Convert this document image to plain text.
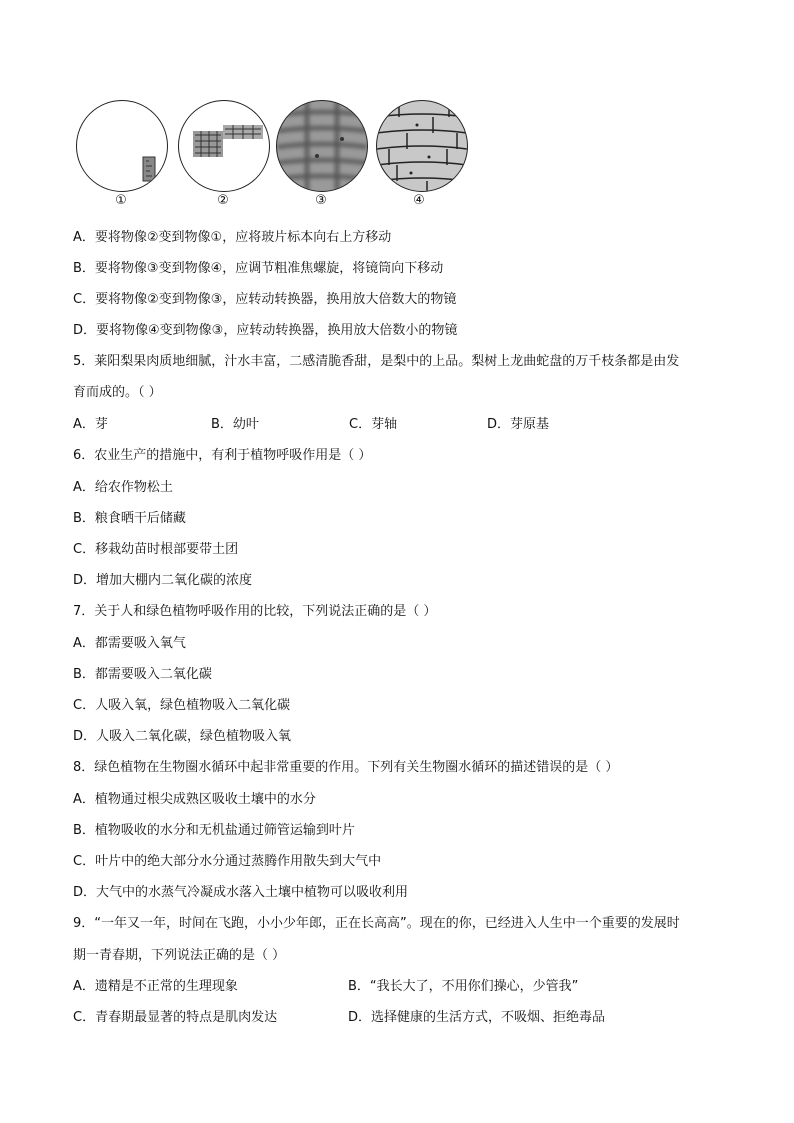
①	②	③	④
A．要将物像②变到物像①，应将玻片标本向右上方移动
B．要将物像③变到物像④，应调节粗准焦螺旋，将镜筒向下移动
C．要将物像②变到物像③，应转动转换器，换用放大倍数大的物镜
D．要将物像④变到物像③，应转动转换器，换用放大倍数小的物镜
5．莱阳梨果肉质地细腻，汁水丰富，二感清脆香甜，是梨中的上品。梨树上龙曲蛇盘的万千枝条都是由发
育而成的。（ ）
A．芽	B．幼叶	C．芽轴	D．芽原基
6．农业生产的措施中，有利于植物呼吸作用是（ ）
A．给农作物松土
B．粮食晒干后储藏
C．移栽幼苗时根部要带土团
D．增加大棚内二氧化碳的浓度
7．关于人和绿色植物呼吸作用的比较，下列说法正确的是（ ）
A．都需要吸入氧气
B．都需要吸入二氧化碳
C．人吸入氧，绿色植物吸入二氧化碳
D．人吸入二氧化碳，绿色植物吸入氧
8．绿色植物在生物圈水循环中起非常重要的作用。下列有关生物圈水循环的描述错误的是（ ）
A．植物通过根尖成熟区吸收土壤中的水分
B．植物吸收的水分和无机盐通过筛管运输到叶片
C．叶片中的绝大部分水分通过蒸腾作用散失到大气中
D．大气中的水蒸气冷凝成水落入土壤中植物可以吸收利用
9．“一年又一年，时间在飞跑，小小少年郎，正在长高高”。现在的你，已经进入人生中一个重要的发展时
期一青春期，下列说法正确的是（ ）
A．遗精是不正常的生理现象	B．“我长大了，不用你们操心，少管我”
C．青春期最显著的特点是肌肉发达	D．选择健康的生活方式，不吸烟、拒绝毒品
